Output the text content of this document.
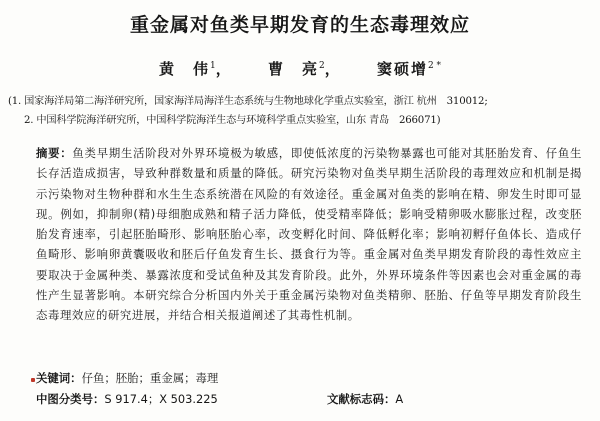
重金属对鱼类早期发育的生态毒理效应
黄　伟$^1$， 曹　亮$^2$， 窦硕增$^{2 *}$
(1. 国家海洋局第二海洋研究所，国家海洋局海洋生态系统与生物地球化学重点实验室，浙江 杭州　310012;
2. 中国科学院海洋研究所，中国科学院海洋生态与环境科学重点实验室，山东 青岛　266071)
摘要：鱼类早期生活阶段对外界环境极为敏感，即使低浓度的污染物暴露也可能对其胚胎发育、仔鱼生长存活造成损害，导致种群数量和质量的降低。研究污染物对鱼类早期生活阶段的毒理效应和机制是揭示污染物对生物种群和水生生态系统潜在风险的有效途径。重金属对鱼类的影响在精、卵发生时即可显现。例如，抑制卵(精)母细胞成熟和精子活力降低，使受精率降低；影响受精卵吸水膨胀过程，改变胚胎发育速率，引起胚胎畸形、影响胚胎心率，改变孵化时间、降低孵化率；影响初孵仔鱼体长、造成仔鱼畸形、影响卵黄囊吸收和胚后仔鱼发育生长、摄食行为等。重金属对鱼类早期发育阶段的毒性效应主要取决于金属种类、暴露浓度和受试鱼种及其发育阶段。此外，外界环境条件等因素也会对重金属的毒性产生显著影响。本研究综合分析国内外关于重金属污染物对鱼类精卵、胚胎、仔鱼等早期发育阶段生态毒理效应的研究进展，并结合相关报道阐述了其毒性机制。
关键词：仔鱼；胚胎；重金属；毒理
中图分类号：S 917.4；X 503.225	文献标志码：A
